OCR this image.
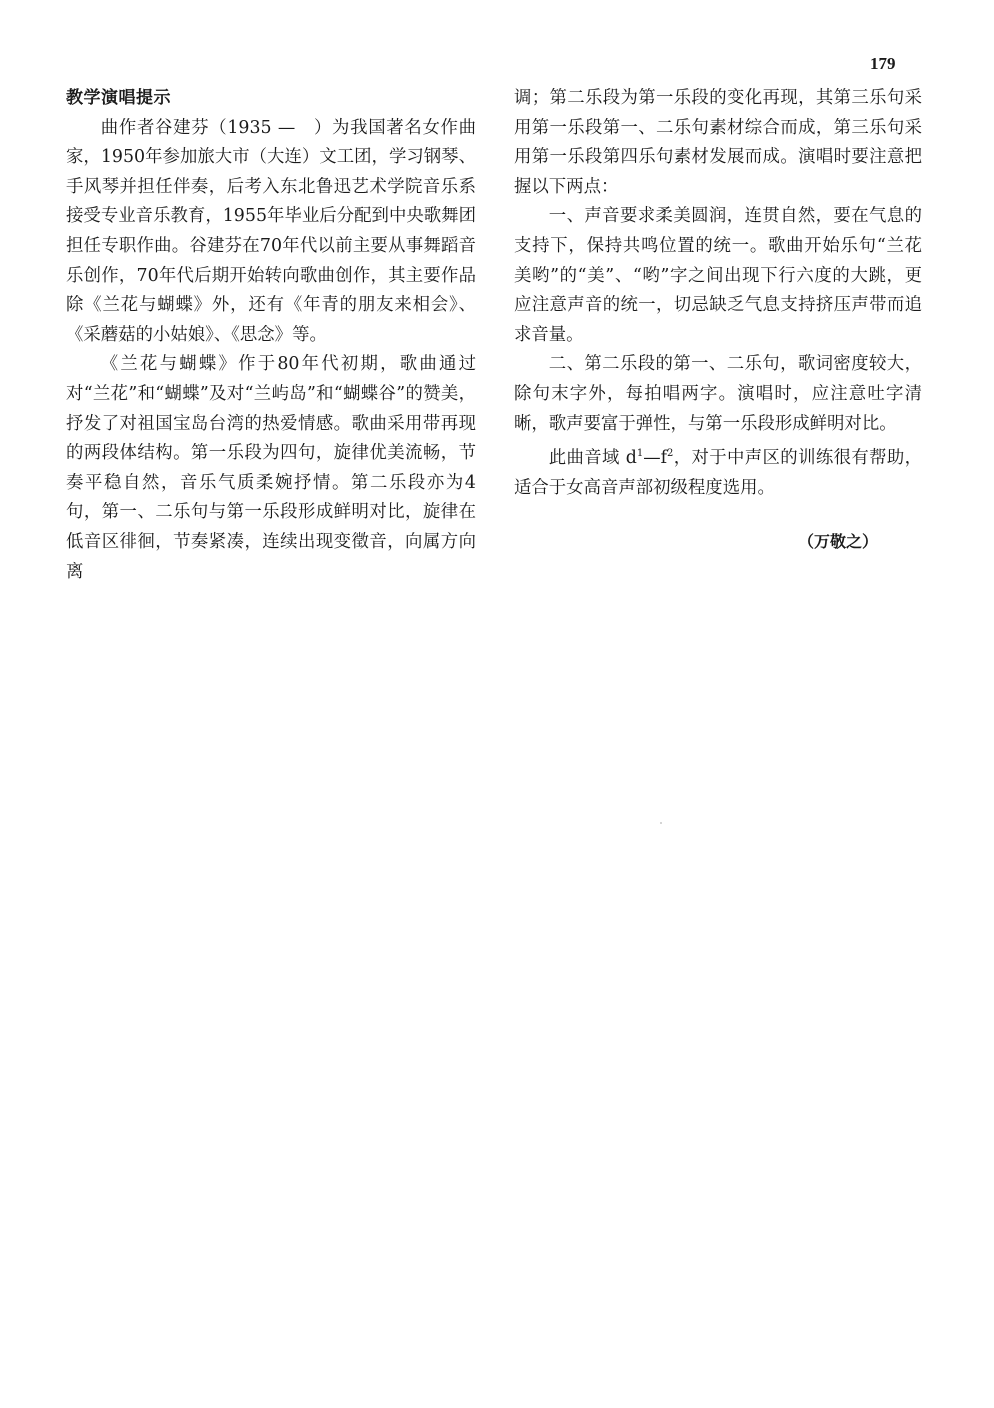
179
教学演唱提示

曲作者谷建芬（1935 —　）为我国著名女作曲家，1950年参加旅大市（大连）文工团，学习钢琴、手风琴并担任伴奏，后考入东北鲁迅艺术学院音乐系接受专业音乐教育，1955年毕业后分配到中央歌舞团担任专职作曲。谷建芬在70年代以前主要从事舞蹈音乐创作，70年代后期开始转向歌曲创作，其主要作品除《兰花与蝴蝶》外，还有《年青的朋友来相会》、《采蘑菇的小姑娘》、《思念》等。

《兰花与蝴蝶》作于80年代初期，歌曲通过对“兰花”和“蝴蝶”及对“兰屿岛”和“蝴蝶谷”的赞美，抒发了对祖国宝岛台湾的热爱情感。歌曲采用带再现的两段体结构。第一乐段为四句，旋律优美流畅，节奏平稳自然，音乐气质柔婉抒情。第二乐段亦为4句，第一、二乐句与第一乐段形成鲜明对比，旋律在低音区徘徊，节奏紧凑，连续出现变徵音，向属方向离

调；第二乐段为第一乐段的变化再现，其第三乐句采用第一乐段第一、二乐句素材综合而成，第三乐句采用第一乐段第四乐句素材发展而成。演唱时要注意把握以下两点：

一、声音要求柔美圆润，连贯自然，要在气息的支持下，保持共鸣位置的统一。歌曲开始乐句“兰花美哟”的“美”、“哟”字之间出现下行六度的大跳，更应注意声音的统一，切忌缺乏气息支持挤压声带而追求音量。

二、第二乐段的第一、二乐句，歌词密度较大，除句末字外，每拍唱两字。演唱时，应注意吐字清晰，歌声要富于弹性，与第一乐段形成鲜明对比。

此曲音域 $d^1—f^2$，对于中声区的训练很有帮助，适合于女高音声部初级程度选用。

（万敬之）
